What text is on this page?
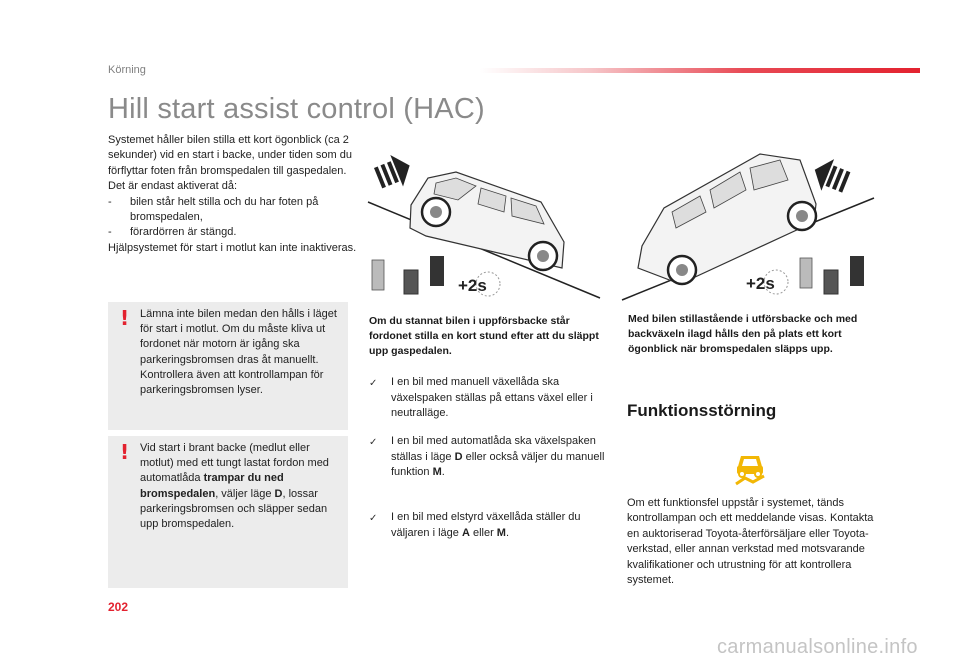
Körning
Hill start assist control (HAC)
Systemet håller bilen stilla ett kort ögonblick (ca 2 sekunder) vid en start i backe, under tiden som du förflyttar foten från bromspedalen till gaspedalen.
Det är endast aktiverat då:
-	bilen står helt stilla och du har foten på bromspedalen,
-	förardörren är stängd.
Hjälpsystemet för start i motlut kan inte inaktiveras.
! Lämna inte bilen medan den hålls i läget för start i motlut. Om du måste kliva ut fordonet när motorn är igång ska parkeringsbromsen dras åt manuellt. Kontrollera även att kontrollampan för parkeringsbromsen lyser.
! Vid start i brant backe (medlut eller motlut) med ett tungt lastat fordon med automatlåda trampar du ned bromspedalen, väljer läge D, lossar parkeringsbromsen och släpper sedan upp bromspedalen.
+2s	+2s
Om du stannat bilen i uppförsbacke står fordonet stilla en kort stund efter att du släppt upp gaspedalen.
Med bilen stillastående i utförsbacke och med backväxeln ilagd hålls den på plats ett kort ögonblick när bromspedalen släpps upp.
✓	I en bil med manuell växellåda ska växelspaken ställas på ettans växel eller i neutralläge.
✓	I en bil med automatlåda ska växelspaken ställas i läge D eller också väljer du manuell funktion M.
✓	I en bil med elstyrd växellåda ställer du väljaren i läge A eller M.
Funktionsstörning
Om ett funktionsfel uppstår i systemet, tänds kontrollampan och ett meddelande visas. Kontakta en auktoriserad Toyota-återförsäljare eller Toyota-verkstad, eller annan verkstad med motsvarande kvalifikationer och utrustning för att kontrollera systemet.
202
carmanualsonline.info
